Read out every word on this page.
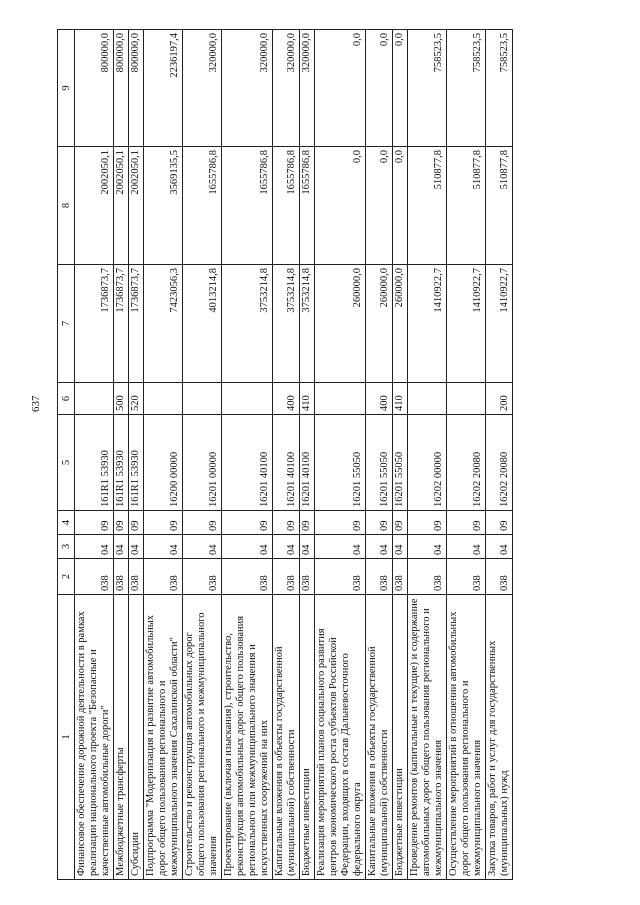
637
1	2	3	4	5	6	7	8	9
Финансовое обеспечение дорожной деятельности в рамках реализации национального проекта "Безопасные и качественные автомобильные дороги"	038	04	09	161R1 53930		1736873,7	2002050,1	800000,0
Межбюджетные трансферты	038	04	09	161R1 53930	500	1736873,7	2002050,1	800000,0
Субсидии	038	04	09	161R1 53930	520	1736873,7	2002050,1	800000,0
Подпрограмма "Модернизация и развитие автомобильных дорог общего пользования регионального и межмуниципального значения Сахалинской области"	038	04	09	16200 00000		7423056,3	3569135,5	2236197,4
Строительство и реконструкция автомобильных дорог общего пользования регионального и межмуниципального значения	038	04	09	16201 00000		4013214,8	1655786,8	320000,0
Проектирование (включая изыскания), строительство, реконструкция автомобильных дорог общего пользования регионального или межмуниципального значения и искусственных сооружений на них	038	04	09	16201 40100		3753214,8	1655786,8	320000,0
Капитальные вложения в объекты государственной (муниципальной) собственности	038	04	09	16201 40100	400	3753214,8	1655786,8	320000,0
Бюджетные инвестиции	038	04	09	16201 40100	410	3753214,8	1655786,8	320000,0
Реализация мероприятий планов социального развития центров экономического роста субъектов Российской Федерации, входящих в состав Дальневосточного федерального округа	038	04	09	16201 55050		260000,0	0,0	0,0
Капитальные вложения в объекты государственной (муниципальной) собственности	038	04	09	16201 55050	400	260000,0	0,0	0,0
Бюджетные инвестиции	038	04	09	16201 55050	410	260000,0	0,0	0,0
Проведение ремонтов (капитальные и текущие) и содержание автомобильных дорог общего пользования регионального и межмуниципального значения	038	04	09	16202 00000		1410922,7	510877,8	758523,5
Осуществление мероприятий в отношении автомобильных дорог общего пользования регионального и межмуниципального значения	038	04	09	16202 20080		1410922,7	510877,8	758523,5
Закупка товаров, работ и услуг для государственных (муниципальных) нужд	038	04	09	16202 20080	200	1410922,7	510877,8	758523,5
